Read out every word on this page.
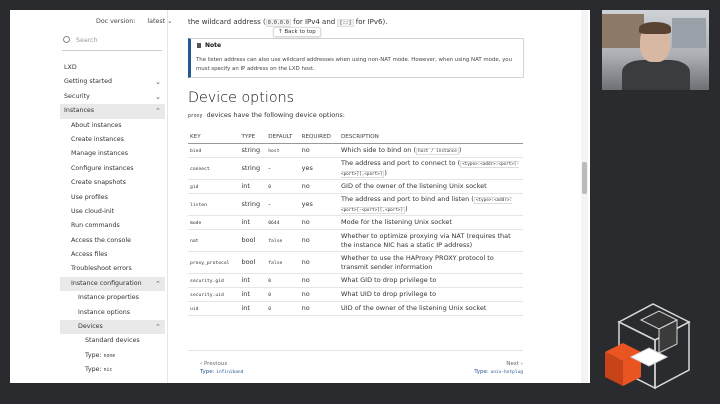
Doc version: latest ⌄
Search
LXD
Getting started	⌄
Security	⌄
Instances	⌃
About instances
Create instances
Manage instances
Configure instances
Create snapshots
Use profiles
Use cloud-init
Run commands
Access the console
Access files
Troubleshoot errors
Instance configuration ⌃
Instance properties
Instance options
Devices	⌃
Standard devices
Type: none
Type: nic
the wildcard address ( 0.0.0.0 for IPv4 and [::] for IPv6).
Note
The listen address can also use wildcard addresses when using non-NAT mode. However, when using NAT mode, you must specify an IP address on the LXD host.
↑ Back to top
Device options
proxy devices have the following device options:
KEY	TYPE	DEFAULT	REQUIRED	DESCRIPTION
bind	string	host	no	Which side to bind on ( host / instance )
connect	string	-	yes	The address and port to connect to ( <type>:<addr>:<port>[-<port>][,<port>] )
gid	int	0	no	GID of the owner of the listening Unix socket
listen	string	-	yes	The address and port to bind and listen ( <type>:<addr>:<port>[-<port>][,<port>] )
mode	int	0644	no	Mode for the listening Unix socket
nat	bool	false	no	Whether to optimize proxying via NAT (requires that the instance NIC has a static IP address)
proxy_protocol	bool	false	no	Whether to use the HAProxy PROXY protocol to transmit sender information
security.gid	int	0	no	What GID to drop privilege to
security.uid	int	0	no	What UID to drop privilege to
uid	int	0	no	UID of the owner of the listening Unix socket
‹ Previous
Type: infiniband
Next ›
Type: unix-hotplug
